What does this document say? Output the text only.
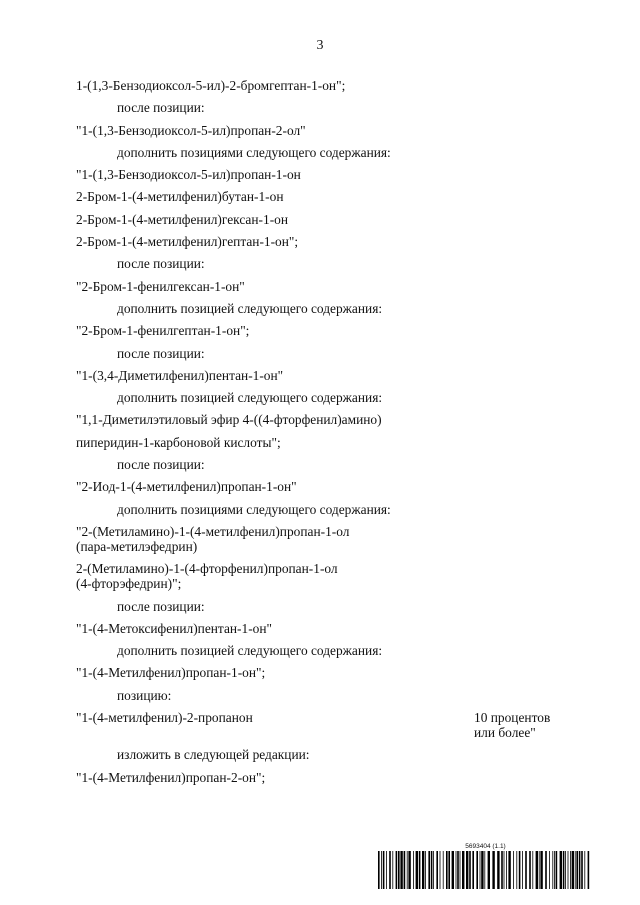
3
1-(1,3-Бензодиоксол-5-ил)-2-бромгептан-1-он";
после позиции:
"1-(1,3-Бензодиоксол-5-ил)пропан-2-ол"
дополнить позициями следующего содержания:
"1-(1,3-Бензодиоксол-5-ил)пропан-1-он
2-Бром-1-(4-метилфенил)бутан-1-он
2-Бром-1-(4-метилфенил)гексан-1-он
2-Бром-1-(4-метилфенил)гептан-1-он";
после позиции:
"2-Бром-1-фенилгексан-1-он"
дополнить позицией следующего содержания:
"2-Бром-1-фенилгептан-1-он";
после позиции:
"1-(3,4-Диметилфенил)пентан-1-он"
дополнить позицией следующего содержания:
"1,1-Диметилэтиловый эфир 4-((4-фторфенил)амино)
пиперидин-1-карбоновой кислоты";
после позиции:
"2-Иод-1-(4-метилфенил)пропан-1-он"
дополнить позициями следующего содержания:
"2-(Метиламино)-1-(4-метилфенил)пропан-1-ол
(пара-метилэфедрин)
2-(Метиламино)-1-(4-фторфенил)пропан-1-ол
(4-фторэфедрин)";
после позиции:
"1-(4-Метоксифенил)пентан-1-он"
дополнить позицией следующего содержания:
"1-(4-Метилфенил)пропан-1-он";
позицию:
"1-(4-метилфенил)-2-пропанон
	10 процентов
или более"
изложить в следующей редакции:
"1-(4-Метилфенил)пропан-2-он";
5693404 (1.1)
